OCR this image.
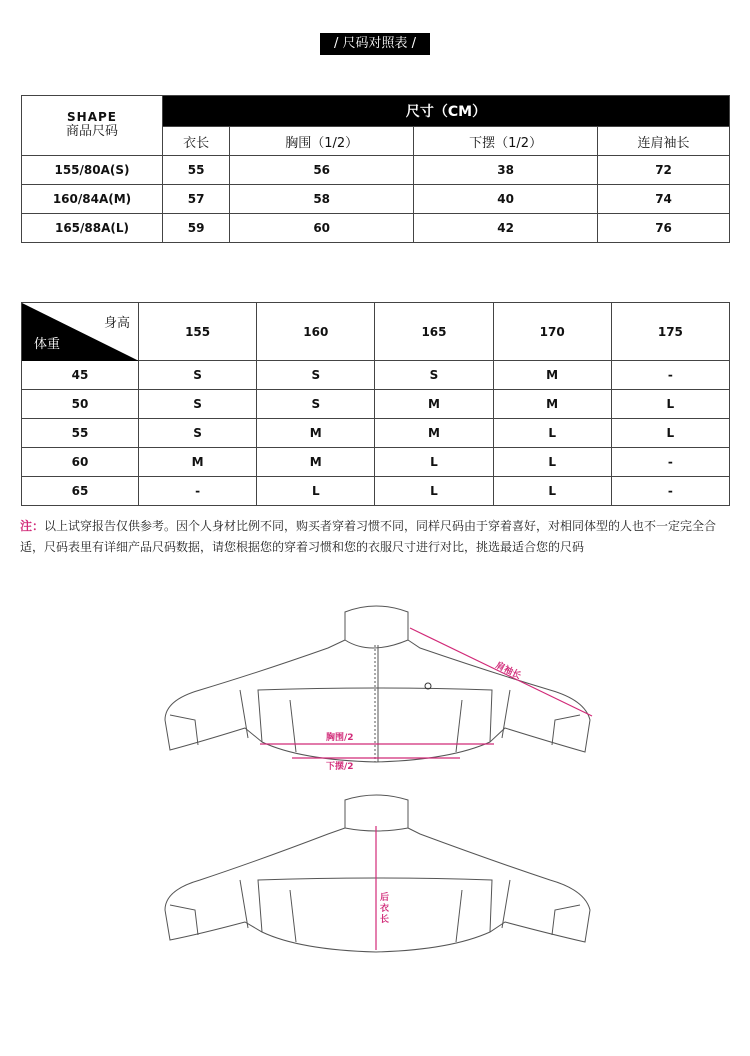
/ 尺码对照表 /
SHAPE
商品尺码	尺寸（CM）			
	衣长	胸围（1/2）	下摆（1/2）	连肩袖长
155/80A(S)	55	56	38	72
160/84A(M)	57	58	40	74
165/88A(L)	59	60	42	76
身高
体重	155	160	165	170	175
45	S	S	S	M	-
50	S	S	M	M	L
55	S	M	M	L	L
60	M	M	L	L	-
65	-	L	L	L	-
注：以上试穿报告仅供参考。因个人身材比例不同，购买者穿着习惯不同，同样尺码由于穿着喜好，对相同体型的人也不一定完全合适，尺码表里有详细产品尺码数据，请您根据您的穿着习惯和您的衣服尺寸进行对比，挑选最适合您的尺码
肩袖长
胸围/2
下摆/2
后
衣
长
